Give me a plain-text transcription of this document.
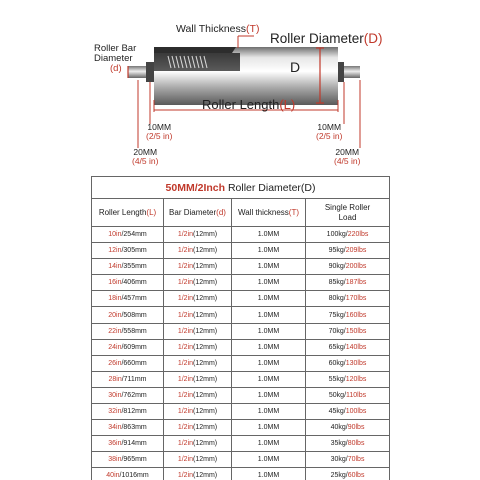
Wall Thickness(T)
Roller Diameter(D)
Roller Bar
Diameter
(d)	D
Roller Length(L)
10MM
(2/5 in)
20MM
(4/5 in)
10MM
(2/5 in)
20MM
(4/5 in)
50MM/2Inch Roller Diameter(D)			
Roller Length(L)	Bar Diameter(d)	Wall thickness(T)	Single Roller Load
10in/254mm	1/2in(12mm)	1.0MM	100kg/220lbs
12in/305mm	1/2in(12mm)	1.0MM	95kg/209lbs
14in/355mm	1/2in(12mm)	1.0MM	90kg/200lbs
16in/406mm	1/2in(12mm)	1.0MM	85kg/187lbs
18in/457mm	1/2in(12mm)	1.0MM	80kg/170lbs
20in/508mm	1/2in(12mm)	1.0MM	75kg/160lbs
22in/558mm	1/2in(12mm)	1.0MM	70kg/150lbs
24in/609mm	1/2in(12mm)	1.0MM	65kg/140lbs
26in/660mm	1/2in(12mm)	1.0MM	60kg/130lbs
28in/711mm	1/2in(12mm)	1.0MM	55kg/120lbs
30in/762mm	1/2in(12mm)	1.0MM	50kg/110lbs
32in/812mm	1/2in(12mm)	1.0MM	45kg/100lbs
34in/863mm	1/2in(12mm)	1.0MM	40kg/90lbs
36in/914mm	1/2in(12mm)	1.0MM	35kg/80lbs
38in/965mm	1/2in(12mm)	1.0MM	30kg/70lbs
40in/1016mm	1/2in(12mm)	1.0MM	25kg/60lbs
